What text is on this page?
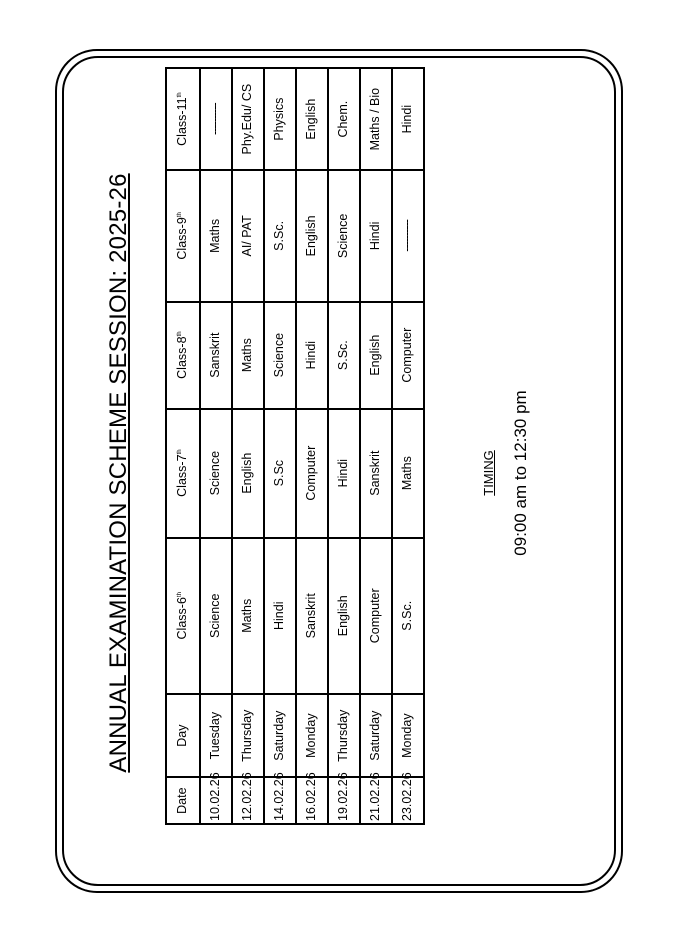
ANNUAL EXAMINATION SCHEME SESSION: 2025-26
Date	Day	Class-6th	Class-7th	Class-8th	Class-9th	Class-11th
10.02.26	Tuesday	Science	Science	Sanskrit	Maths	----------
12.02.26	Thursday	Maths	English	Maths	AI/ PAT	Phy.Edu/ CS
14.02.26	Saturday	Hindi	S.Sc	Science	S.Sc.	Physics
16.02.26	Monday	Sanskrit	Computer	Hindi	English	English
19.02.26	Thursday	English	Hindi	S.Sc.	Science	Chem.
21.02.26	Saturday	Computer	Sanskrit	English	Hindi	Maths / Bio
23.02.26	Monday	S.Sc.	Maths	Computer	----------	Hindi
TIMING 09:00 am to 12:30 pm
